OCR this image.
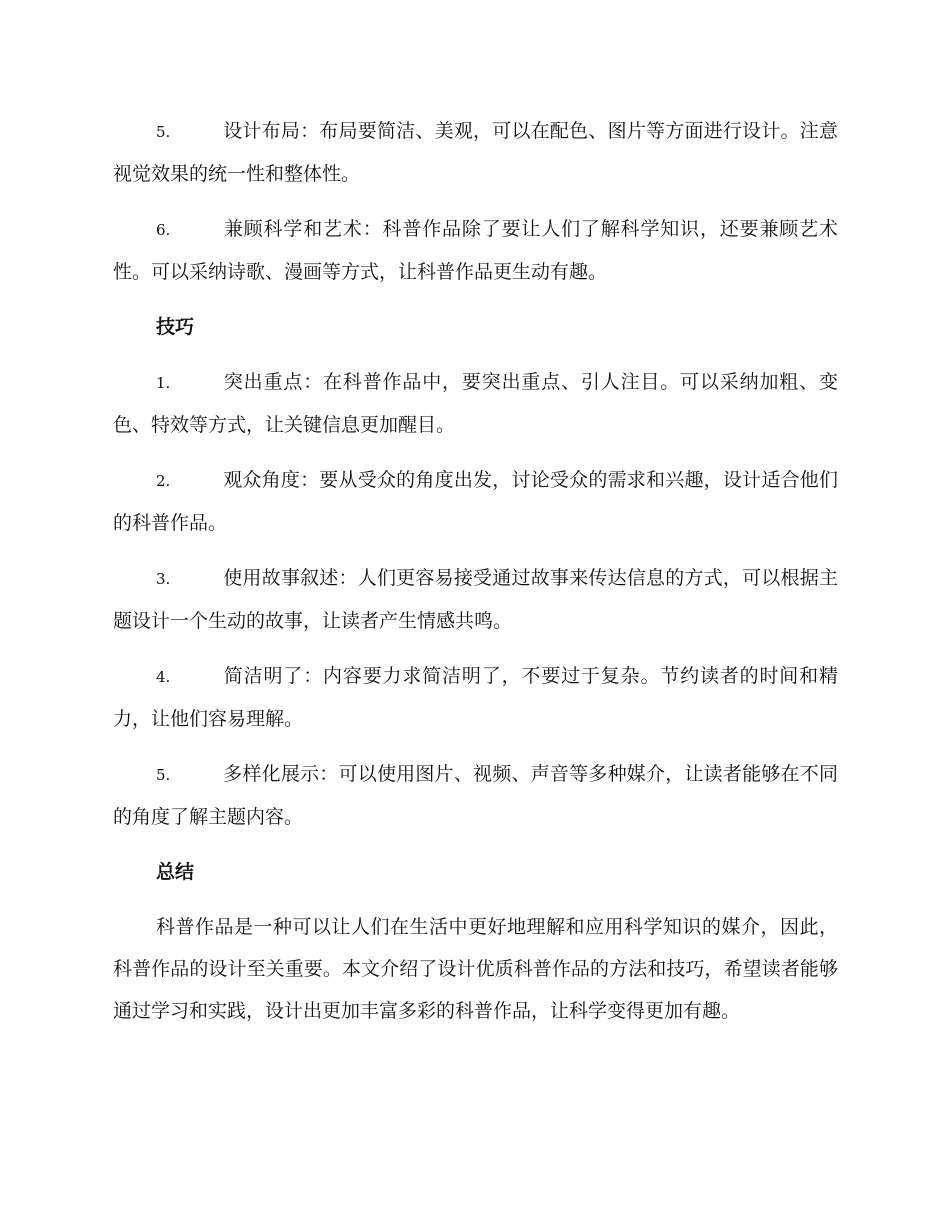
5.	设计布局：布局要简洁、美观，可以在配色、图片等方面进行设计。注意视觉效果的统一性和整体性。

6.	兼顾科学和艺术：科普作品除了要让人们了解科学知识，还要兼顾艺术性。可以采纳诗歌、漫画等方式，让科普作品更生动有趣。

技巧

1.	突出重点：在科普作品中，要突出重点、引人注目。可以采纳加粗、变色、特效等方式，让关键信息更加醒目。

2.	观众角度：要从受众的角度出发，讨论受众的需求和兴趣，设计适合他们的科普作品。

3.	使用故事叙述：人们更容易接受通过故事来传达信息的方式，可以根据主题设计一个生动的故事，让读者产生情感共鸣。

4.	简洁明了：内容要力求简洁明了，不要过于复杂。节约读者的时间和精力，让他们容易理解。

5.	多样化展示：可以使用图片、视频、声音等多种媒介，让读者能够在不同的角度了解主题内容。

总结

科普作品是一种可以让人们在生活中更好地理解和应用科学知识的媒介，因此，科普作品的设计至关重要。本文介绍了设计优质科普作品的方法和技巧，希望读者能够通过学习和实践，设计出更加丰富多彩的科普作品，让科学变得更加有趣。
